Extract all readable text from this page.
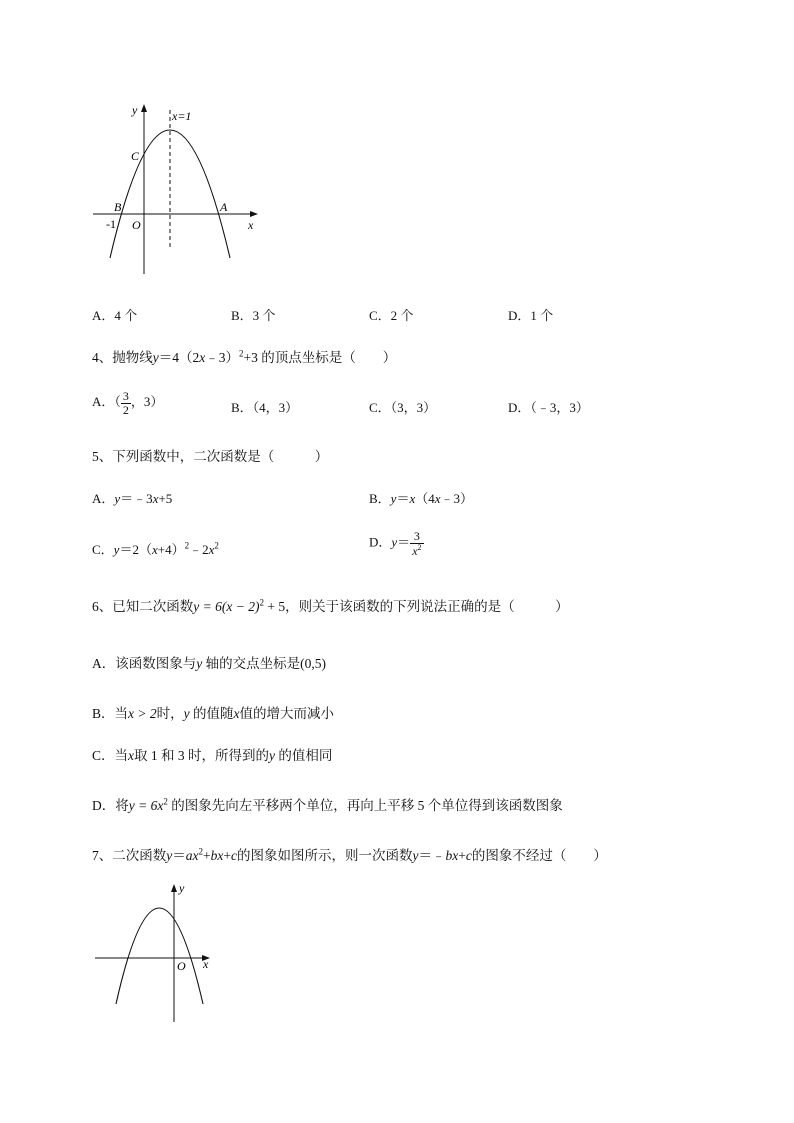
y	x=1
C
B	A
-1 O	x
A．4 个	B．3 个	C．2 个	D．1 个
4、抛物线y＝4（2x﹣3）$^2$+3 的顶点坐标是（　　）
A．（ $\frac{3}{2}$ ，3）	B．（4，3）	C．（3，3）	D．（﹣3，3）
5、下列函数中，二次函数是（　　　）
A．y＝﹣3x+5	B．y＝x（4x﹣3）
C．$y=2(x+4)^2﹣2x^2$	D．$y= \frac{3}{x^2}$
6、已知二次函数$y = 6(x - 2)^2 + 5$，则关于该函数的下列说法正确的是（　　　）
A．该函数图象与y 轴的交点坐标是(0,5)
B．当x > 2时，y 的值随x值的增大而减小
C．当x取 1 和 3 时，所得到的y 的值相同
D．将$y = 6x^2$ 的图象先向左平移两个单位，再向上平移 5 个单位得到该函数图象
7、二次函数$y=ax^2+bx+c$的图象如图所示，则一次函数y＝﹣bx+c的图象不经过（　　）
y
O x
